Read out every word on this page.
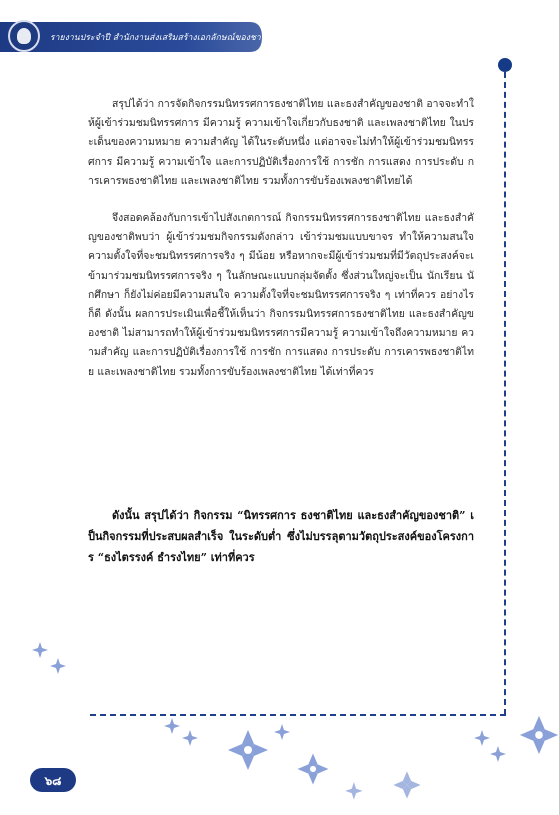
รายงานประจำปี สำนักงานส่งเสริมสร้างเอกลักษณ์ของชาติ พ.ศ. ๒๕๔๖

สรุปได้ว่า การจัดกิจกรรมนิทรรศการธงชาติไทย และธงสำคัญของชาติ อาจจะทำให้ผู้เข้าร่วมชมนิทรรศการ มีความรู้ ความเข้าใจเกี่ยวกับธงชาติ และเพลงชาติไทย ในประเด็นของความหมาย ความสำคัญ ได้ในระดับหนึ่ง แต่อาจจะไม่ทำให้ผู้เข้าร่วมชมนิทรรศการ มีความรู้ ความเข้าใจ และการปฏิบัติเรื่องการใช้ การชัก การแสดง การประดับ การเคารพธงชาติไทย และเพลงชาติไทย รวมทั้งการขับร้องเพลงชาติไทยได้

จึงสอดคล้องกับการเข้าไปสังเกตการณ์ กิจกรรมนิทรรศการธงชาติไทย และธงสำคัญของชาติพบว่า ผู้เข้าร่วมชมกิจกรรมดังกล่าว เข้าร่วมชมแบบขาจร ทำให้ความสนใจ ความตั้งใจที่จะชมนิทรรศการจริง ๆ มีน้อย หรือหากจะมีผู้เข้าร่วมชมที่มีวัตถุประสงค์จะเข้ามาร่วมชมนิทรรศการจริง ๆ ในลักษณะแบบกลุ่มจัดตั้ง ซึ่งส่วนใหญ่จะเป็น นักเรียน นักศึกษา ก็ยังไม่ค่อยมีความสนใจ ความตั้งใจที่จะชมนิทรรศการจริง ๆ เท่าที่ควร อย่างไรก็ดี ดังนั้น ผลการประเมินเพื่อชี้ให้เห็นว่า กิจกรรมนิทรรศการธงชาติไทย และธงสำคัญของชาติ ไม่สามารถทำให้ผู้เข้าร่วมชมนิทรรศการมีความรู้ ความเข้าใจถึงความหมาย ความสำคัญ และการปฏิบัติเรื่องการใช้ การชัก การแสดง การประดับ การเคารพธงชาติไทย และเพลงชาติไทย รวมทั้งการขับร้องเพลงชาติไทย ได้เท่าที่ควร

ดังนั้น สรุปได้ว่า กิจกรรม “นิทรรศการ ธงชาติไทย และธงสำคัญของชาติ” เป็นกิจกรรมที่ประสบผลสำเร็จ ในระดับต่ำ ซึ่งไม่บรรลุตามวัตถุประสงค์ของโครงการ “ธงไตรรงค์ ธำรงไทย” เท่าที่ควร

๖๘
